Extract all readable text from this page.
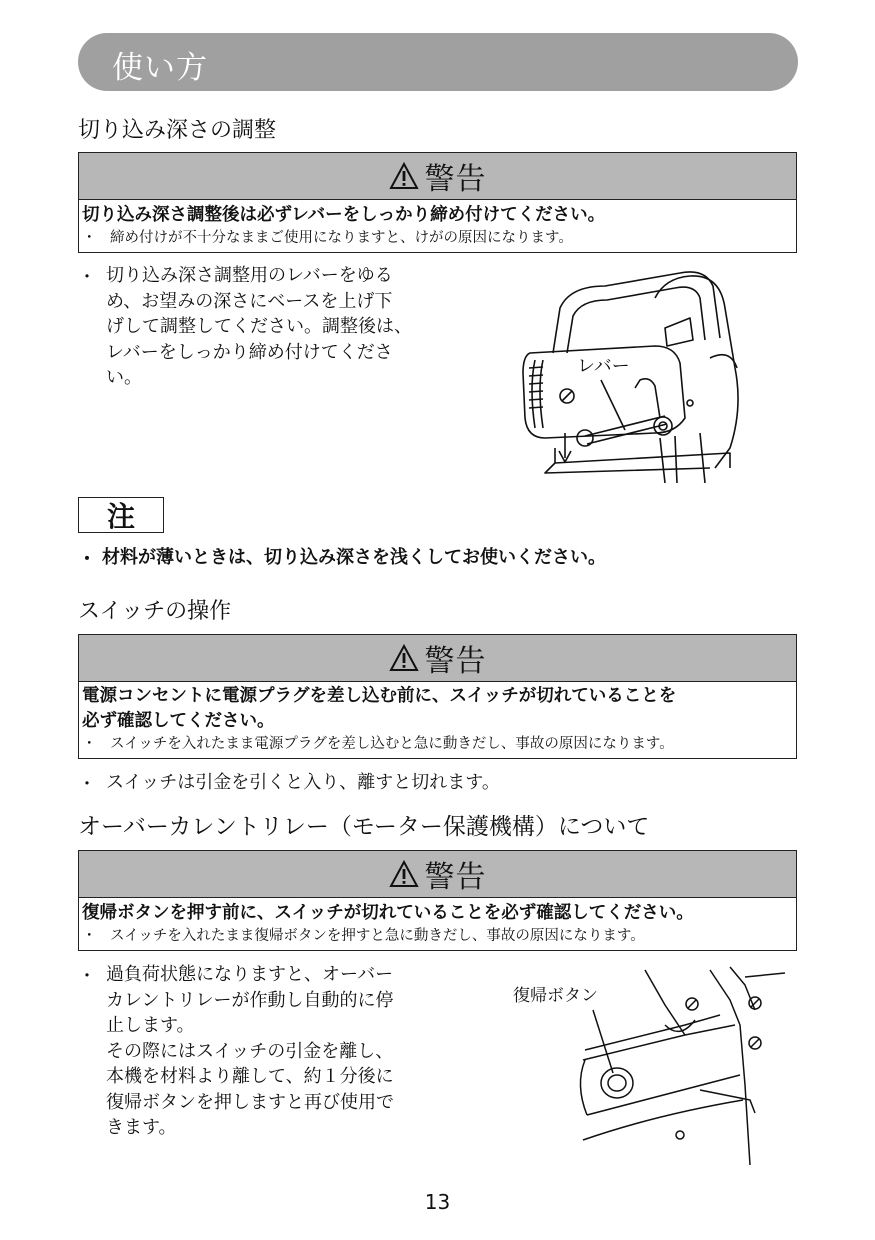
使い方
切り込み深さの調整
警告
切り込み深さ調整後は必ずレバーをしっかり締め付けてください。
・ 締め付けが不十分なままご使用になりますと、けがの原因になります。
・ 切り込み深さ調整用のレバーをゆる
め、お望みの深さにベースを上げ下
げして調整してください。調整後は、
レバーをしっかり締め付けてくださ
い。
レバー
注
・ 材料が薄いときは、切り込み深さを浅くしてお使いください。
スイッチの操作
警告
電源コンセントに電源プラグを差し込む前に、スイッチが切れていることを
必ず確認してください。
・ スイッチを入れたまま電源プラグを差し込むと急に動きだし、事故の原因になります。
・ スイッチは引金を引くと入り、離すと切れます。
オーバーカレントリレー（モーター保護機構）について
警告
復帰ボタンを押す前に、スイッチが切れていることを必ず確認してください。
・ スイッチを入れたまま復帰ボタンを押すと急に動きだし、事故の原因になります。
・ 過負荷状態になりますと、オーバー
カレントリレーが作動し自動的に停
止します。
その際にはスイッチの引金を離し、
本機を材料より離して、約１分後に
復帰ボタンを押しますと再び使用で
きます。
復帰ボタン
13
